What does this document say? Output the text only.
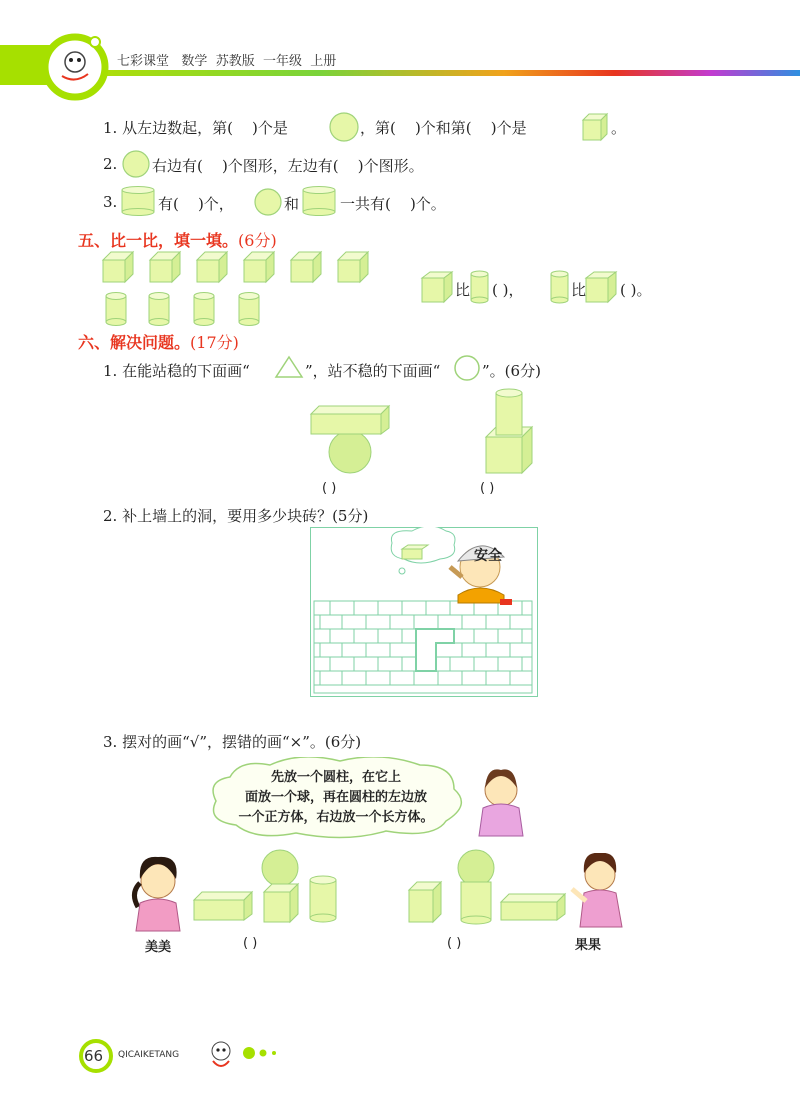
七彩课堂 数学 苏教版 一年级 上册
1. 从左边数起，第( )个是	，第( )个和第( )个是	。
2. 右边有( )个图形，左边有( )个图形。
3.	有( )个，	和	一共有( )个。
五、比一比，填一填。(6分)
比 ( )，	比 ( )。
六、解决问题。(17分)
1. 在能站稳的下面画“	”，站不稳的下面画“	”。(6分)
( )	( )
2. 补上墙上的洞，要用多少块砖？(5分)
安全
3. 摆对的画“√”，摆错的画“×”。(6分)
先放一个圆柱，在它上
面放一个球，再在圆柱的左边放
一个正方体，右边放一个长方体。
美美	( )	( )	果果
66 QICAIKETANG
